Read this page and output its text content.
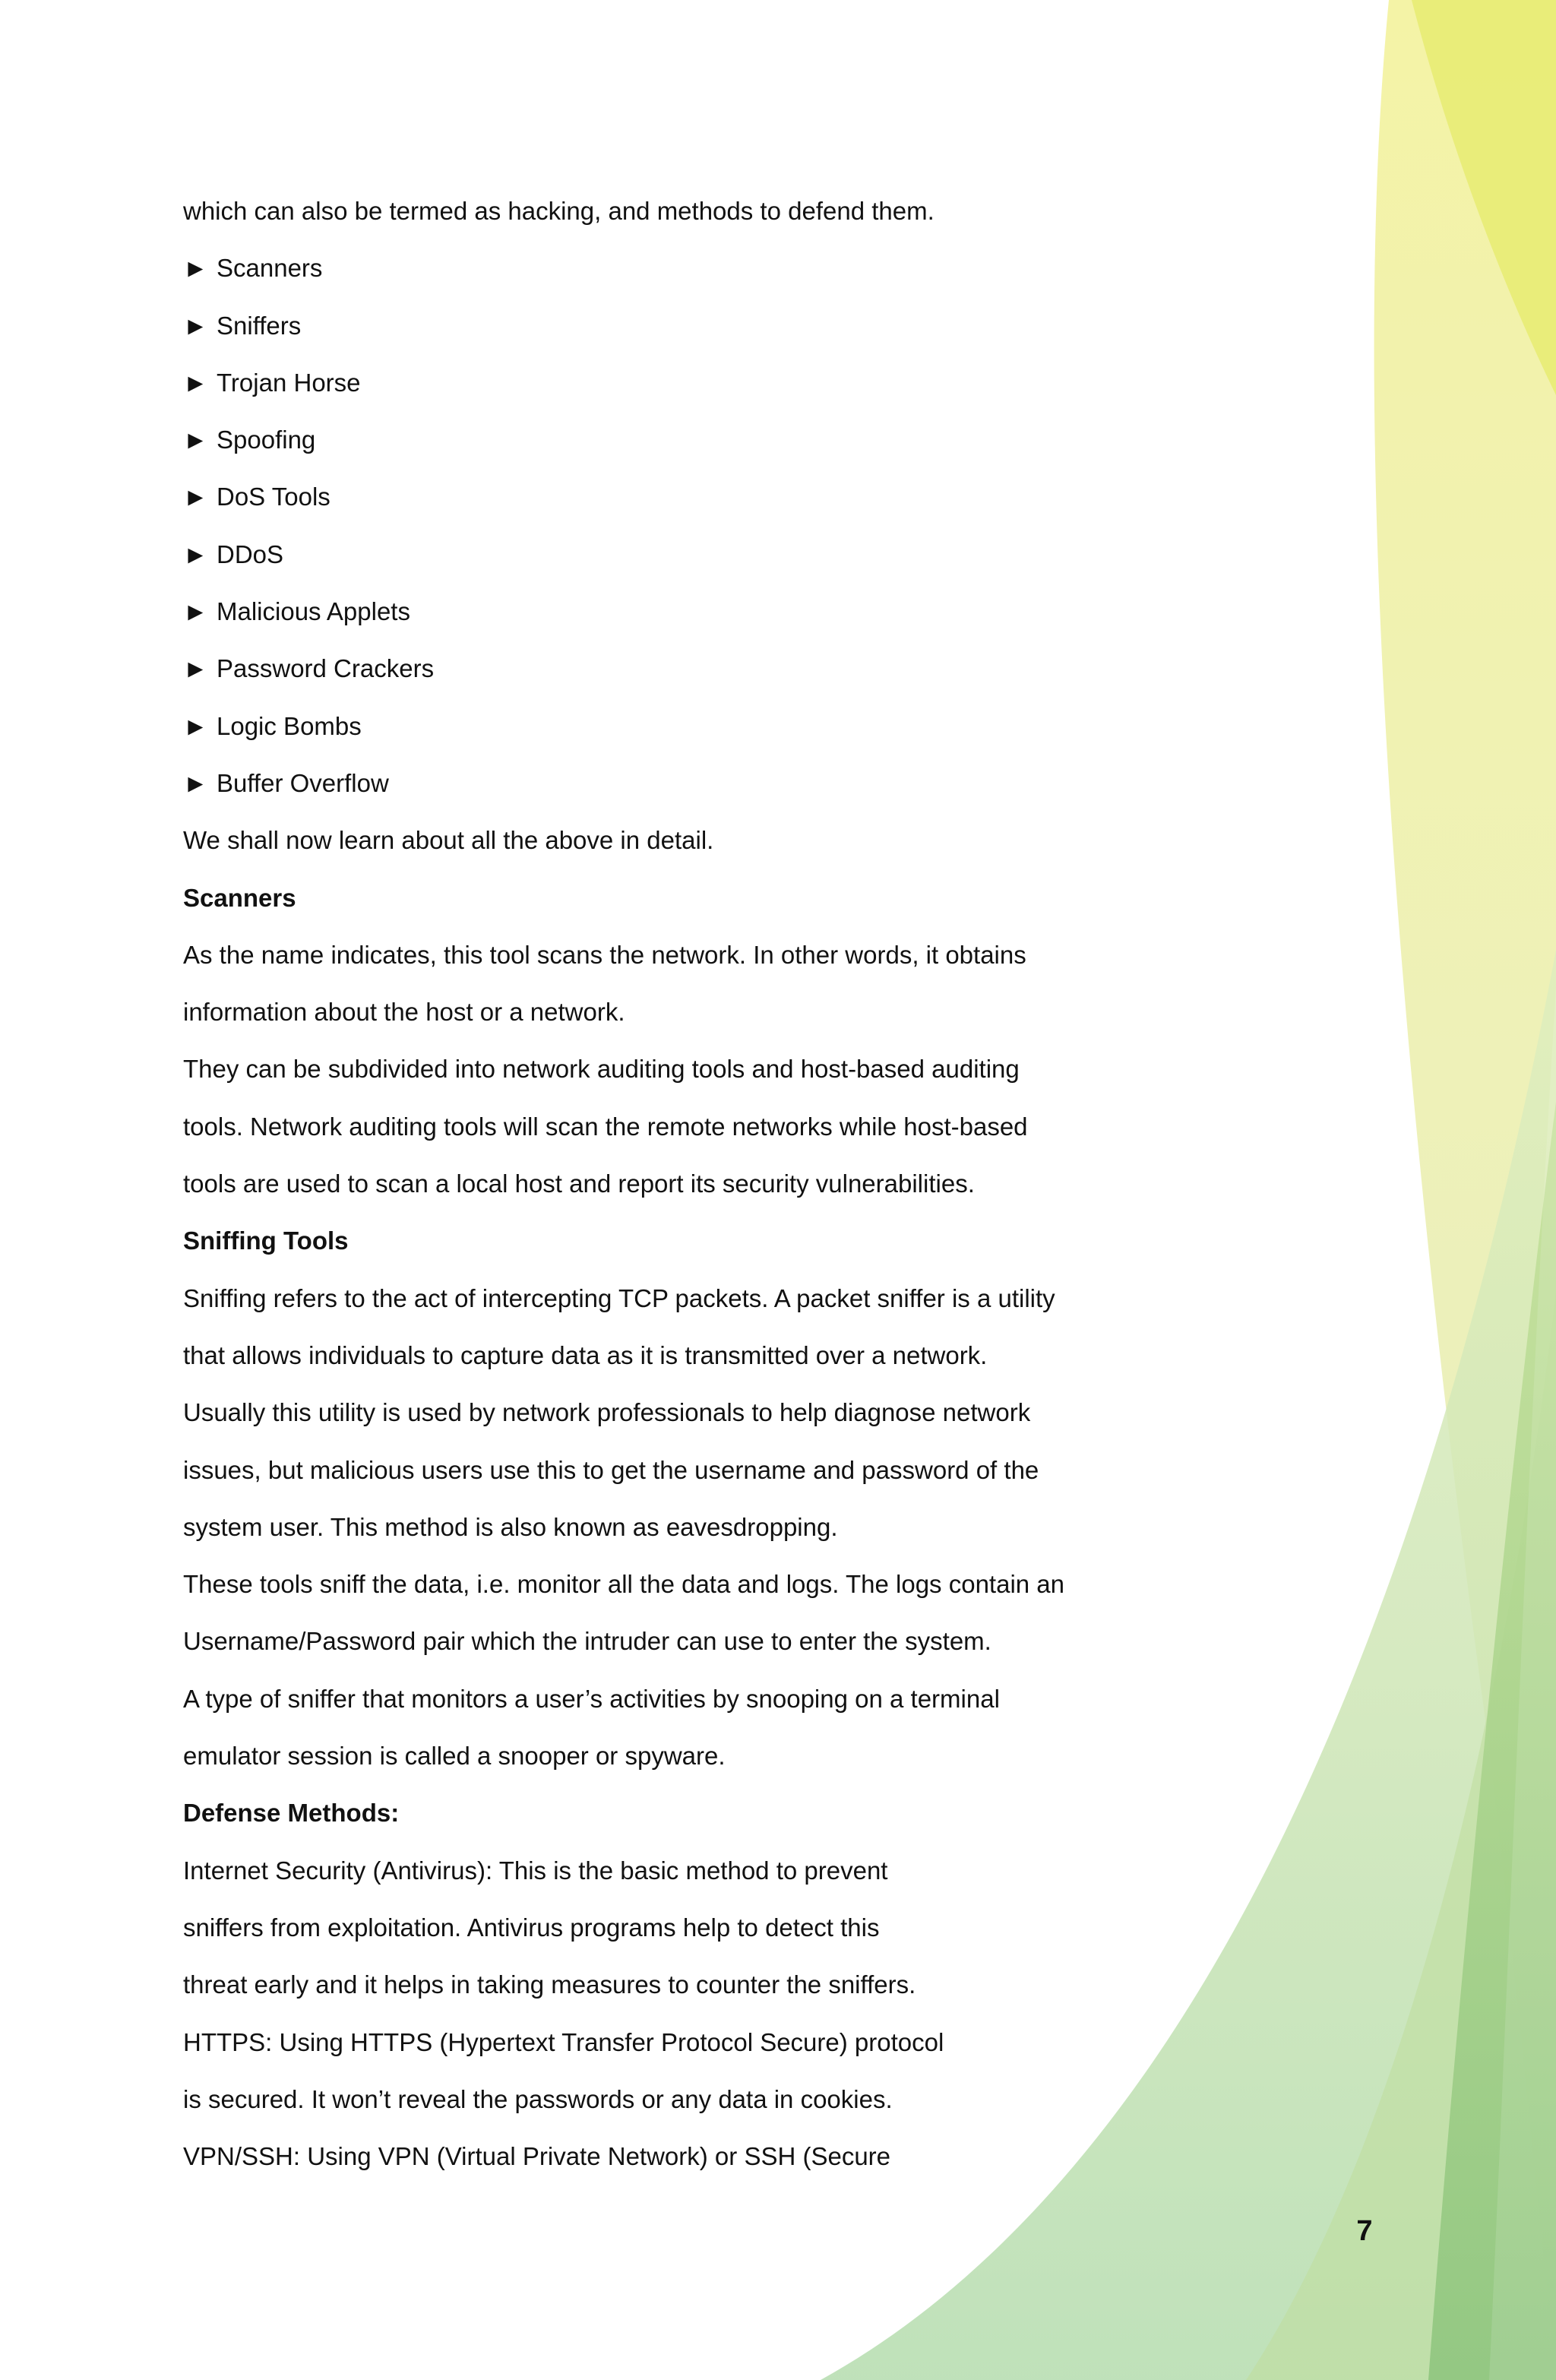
which can also be termed as hacking, and methods to defend them.
► Scanners
► Sniffers
► Trojan Horse
► Spoofing
► DoS Tools
► DDoS
► Malicious Applets
► Password Crackers
► Logic Bombs
► Buffer Overflow
We shall now learn about all the above in detail.
Scanners
As the name indicates, this tool scans the network. In other words, it obtains
information about the host or a network.
They can be subdivided into network auditing tools and host-based auditing
tools. Network auditing tools will scan the remote networks while host-based
tools are used to scan a local host and report its security vulnerabilities.
Sniffing Tools
Sniffing refers to the act of intercepting TCP packets. A packet sniffer is a utility
that allows individuals to capture data as it is transmitted over a network.
Usually this utility is used by network professionals to help diagnose network
issues, but malicious users use this to get the username and password of the
system user. This method is also known as eavesdropping.
These tools sniff the data, i.e. monitor all the data and logs. The logs contain an
Username/Password pair which the intruder can use to enter the system.
A type of sniffer that monitors a user’s activities by snooping on a terminal
emulator session is called a snooper or spyware.
Defense Methods:
Internet Security (Antivirus): This is the basic method to prevent
sniffers from exploitation. Antivirus programs help to detect this
threat early and it helps in taking measures to counter the sniffers.
HTTPS: Using HTTPS (Hypertext Transfer Protocol Secure) protocol
is secured. It won’t reveal the passwords or any data in cookies.
VPN/SSH: Using VPN (Virtual Private Network) or SSH (Secure
7
